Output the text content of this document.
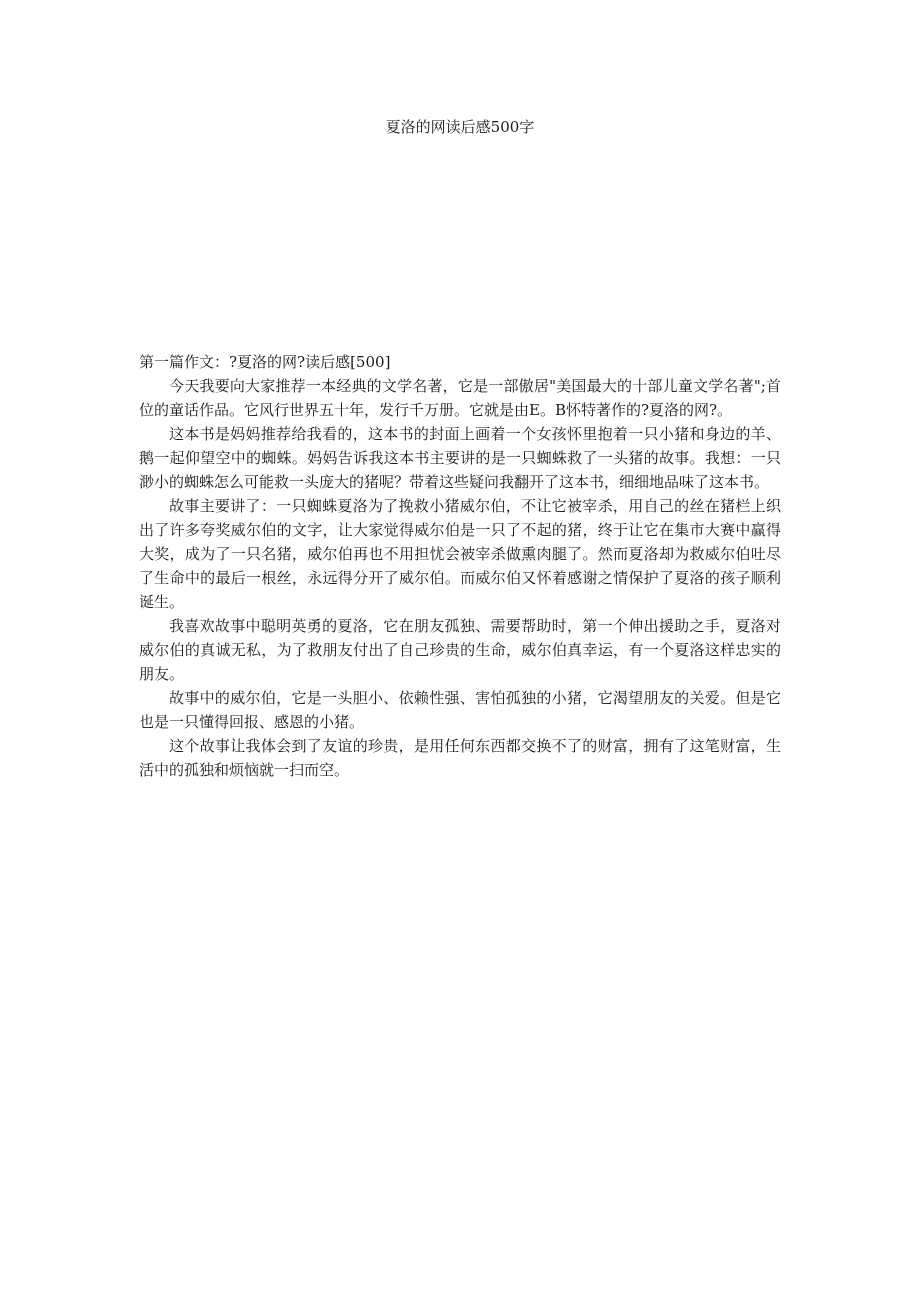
夏洛的网读后感500字

第一篇作文：?夏洛的网?读后感[500]

今天我要向大家推荐一本经典的文学名著，它是一部傲居"美国最大的十部儿童文学名著";首位的童话作品。它风行世界五十年，发行千万册。它就是由E。B怀特著作的?夏洛的网?。

这本书是妈妈推荐给我看的，这本书的封面上画着一个女孩怀里抱着一只小猪和身边的羊、鹅一起仰望空中的蜘蛛。妈妈告诉我这本书主要讲的是一只蜘蛛救了一头猪的故事。我想：一只渺小的蜘蛛怎么可能救一头庞大的猪呢？带着这些疑问我翻开了这本书，细细地品味了这本书。

故事主要讲了：一只蜘蛛夏洛为了挽救小猪威尔伯，不让它被宰杀，用自己的丝在猪栏上织出了许多夸奖威尔伯的文字，让大家觉得威尔伯是一只了不起的猪，终于让它在集市大赛中赢得大奖，成为了一只名猪，威尔伯再也不用担忧会被宰杀做熏肉腿了。然而夏洛却为救威尔伯吐尽了生命中的最后一根丝，永远得分开了威尔伯。而威尔伯又怀着感谢之情保护了夏洛的孩子顺利诞生。

我喜欢故事中聪明英勇的夏洛，它在朋友孤独、需要帮助时，第一个伸出援助之手，夏洛对威尔伯的真诚无私，为了救朋友付出了自己珍贵的生命，威尔伯真幸运，有一个夏洛这样忠实的朋友。

故事中的威尔伯，它是一头胆小、依赖性强、害怕孤独的小猪，它渴望朋友的关爱。但是它也是一只懂得回报、感恩的小猪。

这个故事让我体会到了友谊的珍贵，是用任何东西都交换不了的财富，拥有了这笔财富，生活中的孤独和烦恼就一扫而空。
